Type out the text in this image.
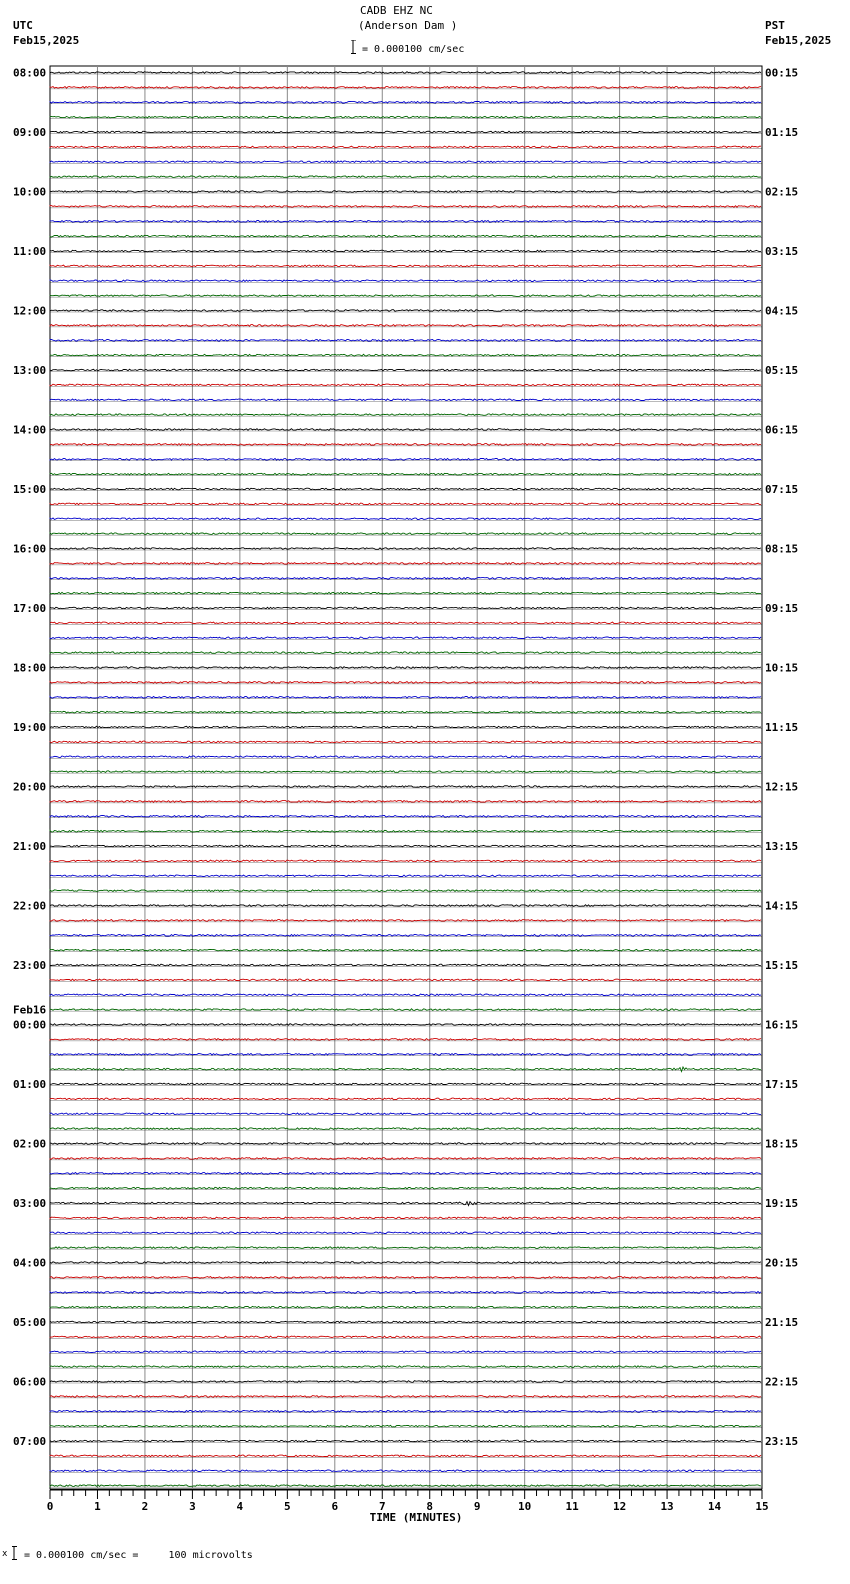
CADB EHZ NC
(Anderson Dam )
= 0.000100 cm/sec
UTC
Feb15,2025
PST
Feb15,2025
08:00
09:00
10:00
11:00
12:00
13:00
14:00
15:00
16:00
17:00
18:00
19:00
20:00
21:00
22:00
23:00
00:00
Feb16
01:00
02:00
03:00
04:00
05:00
06:00
07:00
00:15
01:15
02:15
03:15
04:15
05:15
06:15
07:15
08:15
09:15
10:15
11:15
12:15
13:15
14:15
15:15
16:15
17:15
18:15
19:15
20:15
21:15
22:15
23:15
0	1	2	3	4	5	6	7	8	9	10	11	12	13	14	15
TIME (MINUTES)
x = 0.000100 cm/sec =     100 microvolts
